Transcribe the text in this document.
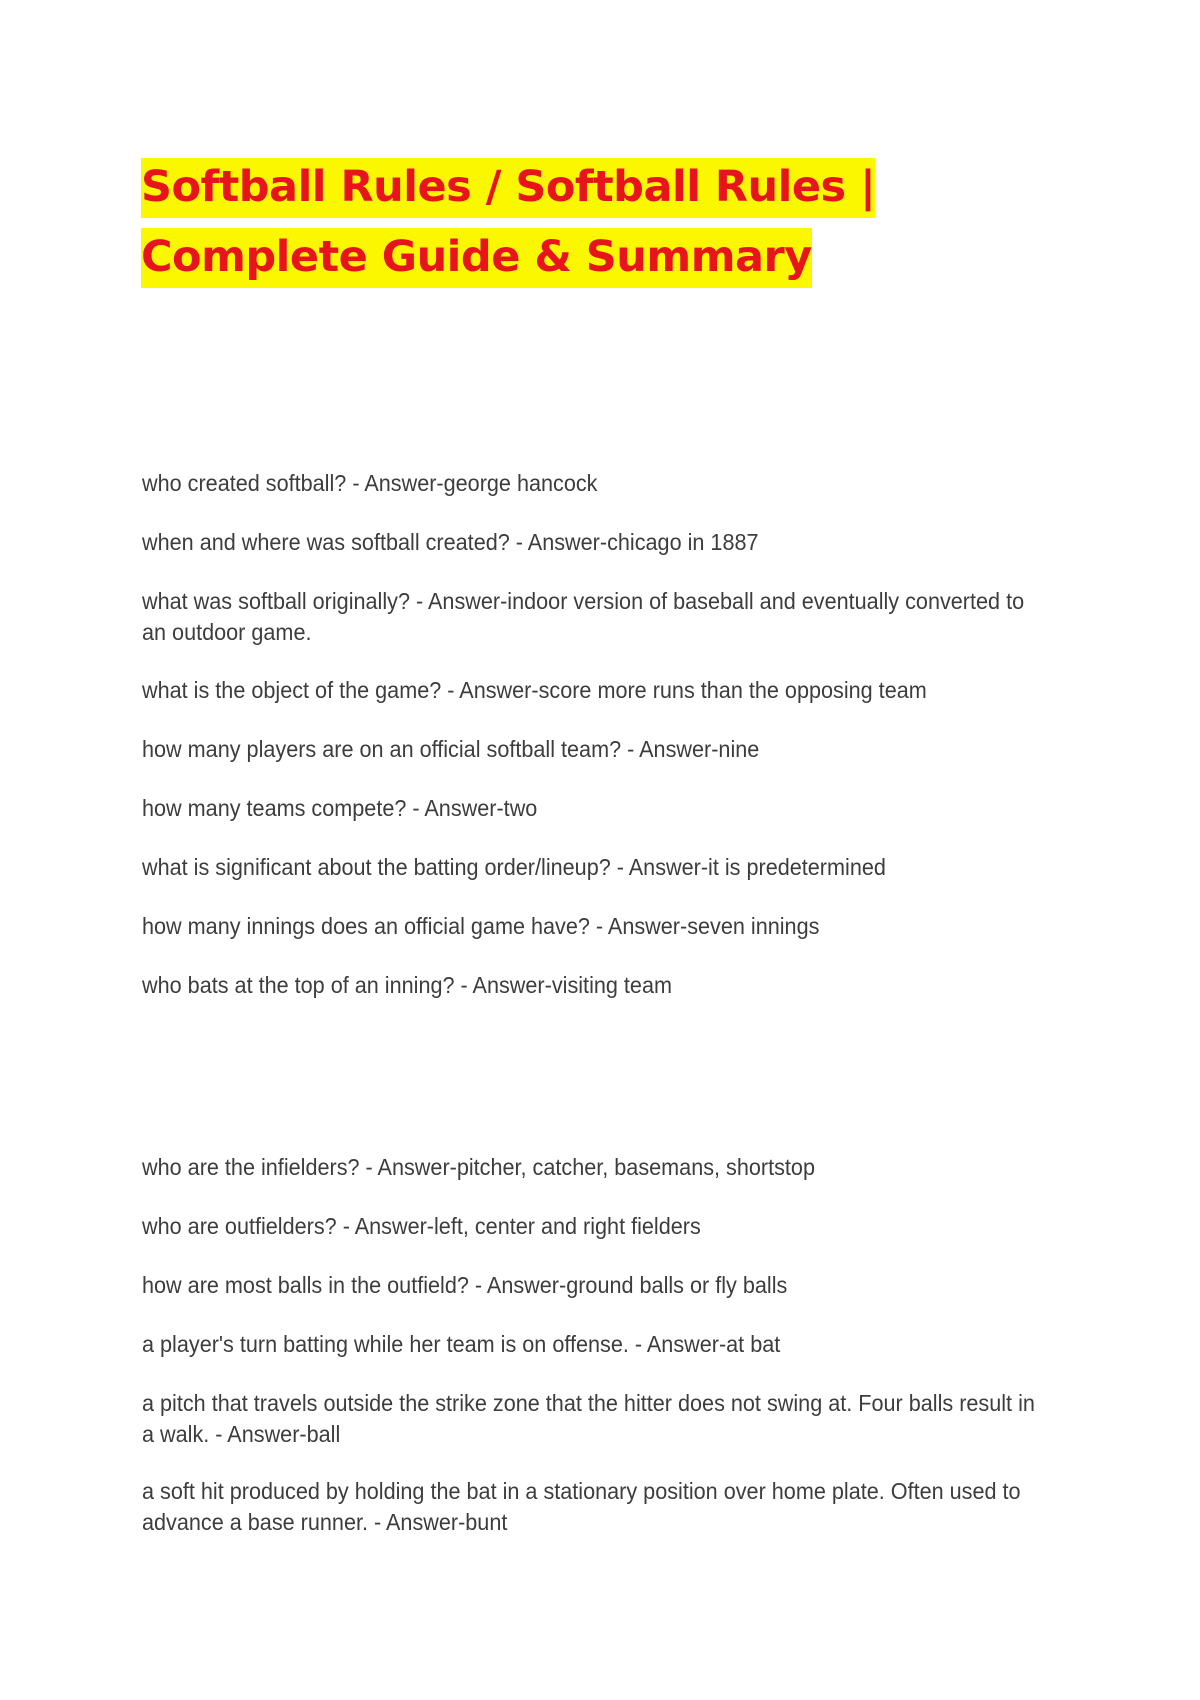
Softball Rules / Softball Rules | Complete Guide & Summary

who created softball? - Answer-george hancock

when and where was softball created? - Answer-chicago in 1887

what was softball originally? - Answer-indoor version of baseball and eventually converted to an outdoor game.

what is the object of the game? - Answer-score more runs than the opposing team

how many players are on an official softball team? - Answer-nine

how many teams compete? - Answer-two

what is significant about the batting order/lineup? - Answer-it is predetermined

how many innings does an official game have? - Answer-seven innings

who bats at the top of an inning? - Answer-visiting team

who are the infielders? - Answer-pitcher, catcher, basemans, shortstop

who are outfielders? - Answer-left, center and right fielders

how are most balls in the outfield? - Answer-ground balls or fly balls

a player's turn batting while her team is on offense. - Answer-at bat

a pitch that travels outside the strike zone that the hitter does not swing at. Four balls result in a walk. - Answer-ball

a soft hit produced by holding the bat in a stationary position over home plate. Often used to advance a base runner. - Answer-bunt
